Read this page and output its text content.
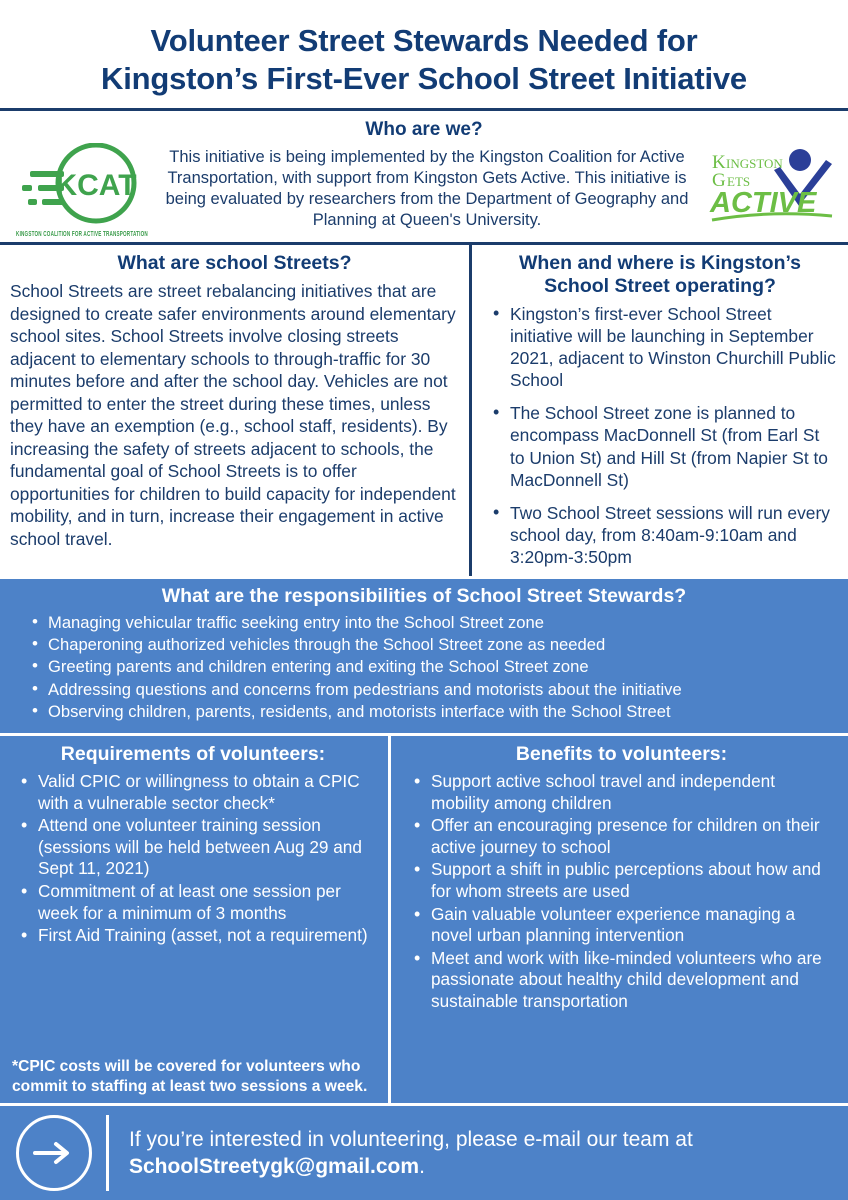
Volunteer Street Stewards Needed for
Kingston’s First-Ever School Street Initiative
Who are we?
KCAT
KINGSTON COALITION FOR ACTIVE TRANSPORTATION
This initiative is being implemented by the Kingston Coalition for Active Transportation, with support from Kingston Gets Active. This initiative is being evaluated by researchers from the Department of Geography and Planning at Queen's University.
K INGSTON
G ETS
ACTIVE
What are school Streets?
School Streets are street rebalancing initiatives that are designed to create safer environments around elementary school sites. School Streets involve closing streets adjacent to elementary schools to through-traffic for 30 minutes before and after the school day. Vehicles are not permitted to enter the street during these times, unless they have an exemption (e.g., school staff, residents). By increasing the safety of streets adjacent to schools, the fundamental goal of School Streets is to offer opportunities for children to build capacity for independent mobility, and in turn, increase their engagement in active school travel.
When and where is Kingston’s School Street operating?
• Kingston’s first-ever School Street initiative will be launching in September 2021, adjacent to Winston Churchill Public School
• The School Street zone is planned to encompass MacDonnell St (from Earl St to Union St) and Hill St (from Napier St to MacDonnell St)
• Two School Street sessions will run every school day, from 8:40am-9:10am and 3:20pm-3:50pm
What are the responsibilities of School Street Stewards?
• Managing vehicular traffic seeking entry into the School Street zone
• Chaperoning authorized vehicles through the School Street zone as needed
• Greeting parents and children entering and exiting the School Street zone
• Addressing questions and concerns from pedestrians and motorists about the initiative
• Observing children, parents, residents, and motorists interface with the School Street
Requirements of volunteers:
• Valid CPIC or willingness to obtain a CPIC with a vulnerable sector check*
• Attend one volunteer training session (sessions will be held between Aug 29 and Sept 11, 2021)
• Commitment of at least one session per week for a minimum of 3 months
• First Aid Training (asset, not a requirement)
*CPIC costs will be covered for volunteers who commit to staffing at least two sessions a week.
Benefits to volunteers:
• Support active school travel and independent mobility among children
• Offer an encouraging presence for children on their active journey to school
• Support a shift in public perceptions about how and for whom streets are used
• Gain valuable volunteer experience managing a novel urban planning intervention
• Meet and work with like-minded volunteers who are passionate about healthy child development and sustainable transportation
If you’re interested in volunteering, please e-mail our team at
SchoolStreetygk@gmail.com.
